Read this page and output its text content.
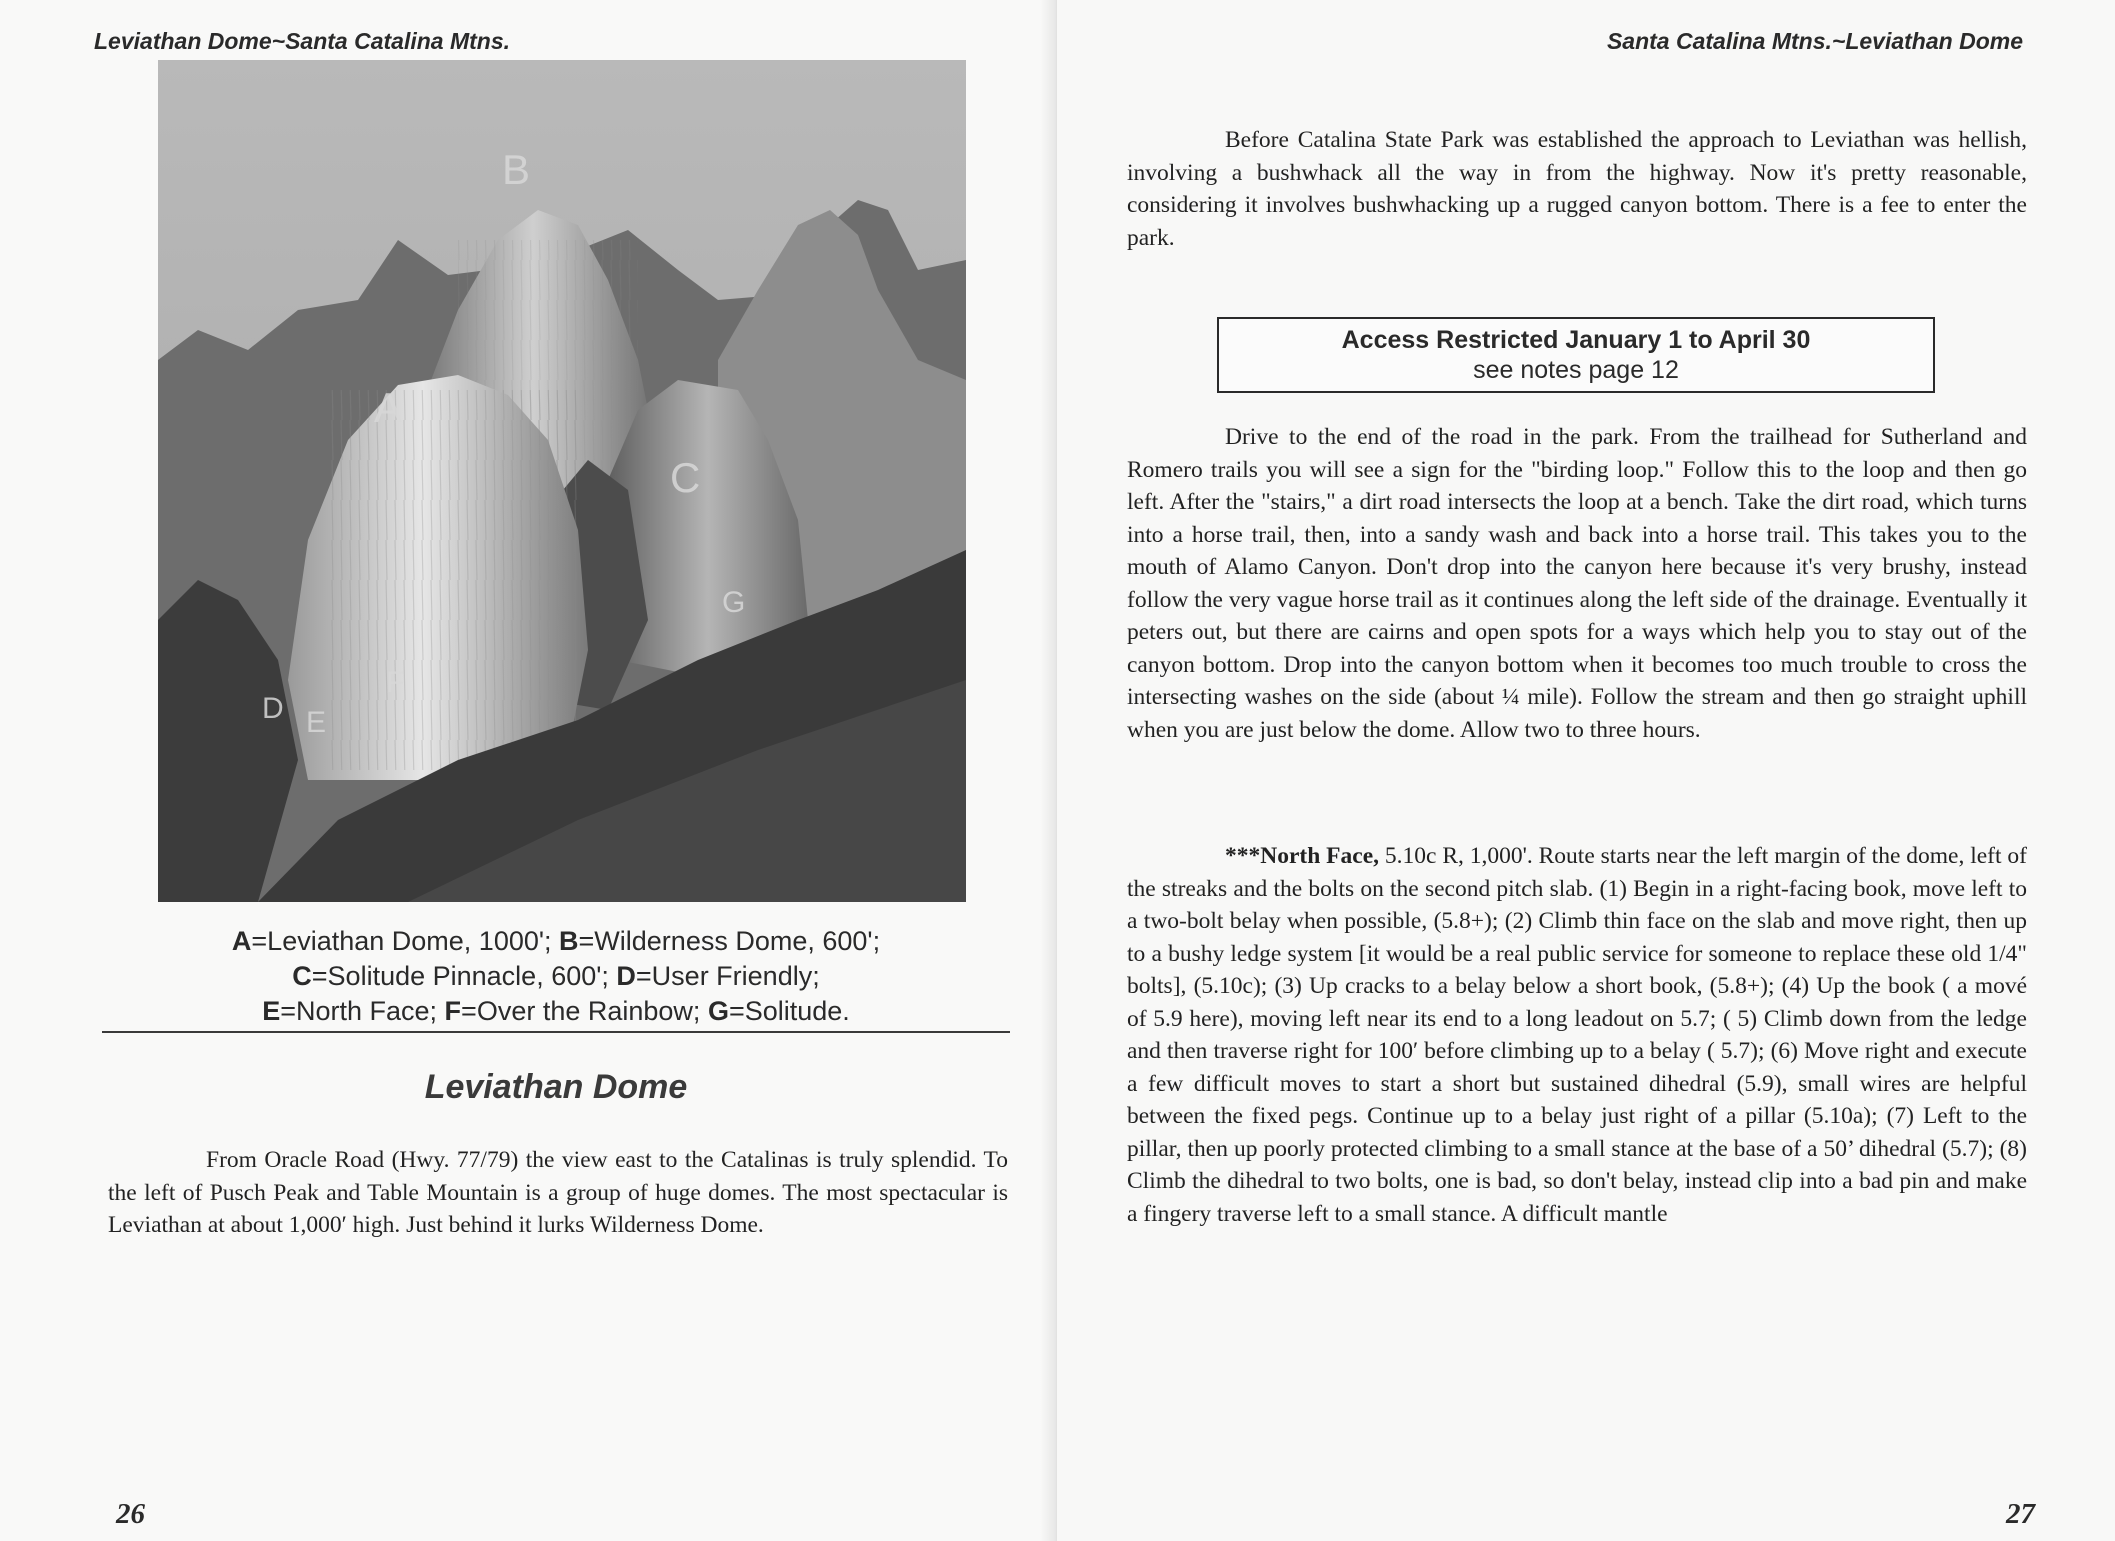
Leviathan Dome~Santa Catalina Mtns.
B
A
C
G
F
D E
A=Leviathan Dome, 1000'; B=Wilderness Dome, 600';
C=Solitude Pinnacle, 600'; D=User Friendly;
E=North Face; F=Over the Rainbow; G=Solitude.
Leviathan Dome

From Oracle Road (Hwy. 77/79) the view east to the Catalinas is truly splendid. To the left of Pusch Peak and Table Mountain is a group of huge domes. The most spectacular is Leviathan at about 1,000′ high. Just behind it lurks Wilderness Dome.

26
Santa Catalina Mtns.~Leviathan Dome
27

Before Catalina State Park was established the approach to Leviathan was hellish, involving a bushwhack all the way in from the highway. Now it's pretty reasonable, considering it involves bushwhacking up a rugged canyon bottom. There is a fee to enter the park.

Access Restricted January 1 to April 30
see notes page 12

Drive to the end of the road in the park. From the trailhead for Sutherland and Romero trails you will see a sign for the "birding loop." Follow this to the loop and then go left. After the "stairs," a dirt road intersects the loop at a bench. Take the dirt road, which turns into a horse trail, then, into a sandy wash and back into a horse trail. This takes you to the mouth of Alamo Canyon. Don't drop into the canyon here because it's very brushy, instead follow the very vague horse trail as it continues along the left side of the drainage. Eventually it peters out, but there are cairns and open spots for a ways which help you to stay out of the canyon bottom. Drop into the canyon bottom when it becomes too much trouble to cross the intersecting washes on the side (about ¼ mile). Follow the stream and then go straight uphill when you are just below the dome. Allow two to three hours.

***North Face, 5.10c R, 1,000'. Route starts near the left margin of the dome, left of the streaks and the bolts on the second pitch slab. (1) Begin in a right-facing book, move left to a two-bolt belay when possible, (5.8+); (2) Climb thin face on the slab and move right, then up to a bushy ledge system [it would be a real public service for someone to replace these old 1/4" bolts], (5.10c); (3) Up cracks to a belay below a short book, (5.8+); (4) Up the book ( a mové of 5.9 here), moving left near its end to a long leadout on 5.7; ( 5) Climb down from the ledge and then traverse right for 100′ before climbing up to a belay ( 5.7); (6) Move right and execute a few difficult moves to start a short but sustained dihedral (5.9), small wires are helpful between the fixed pegs. Continue up to a belay just right of a pillar (5.10a); (7) Left to the pillar, then up poorly protected climbing to a small stance at the base of a 50’ dihedral (5.7); (8) Climb the dihedral to two bolts, one is bad, so don't belay, instead clip into a bad pin and make a fingery traverse left to a small stance. A difficult mantle
